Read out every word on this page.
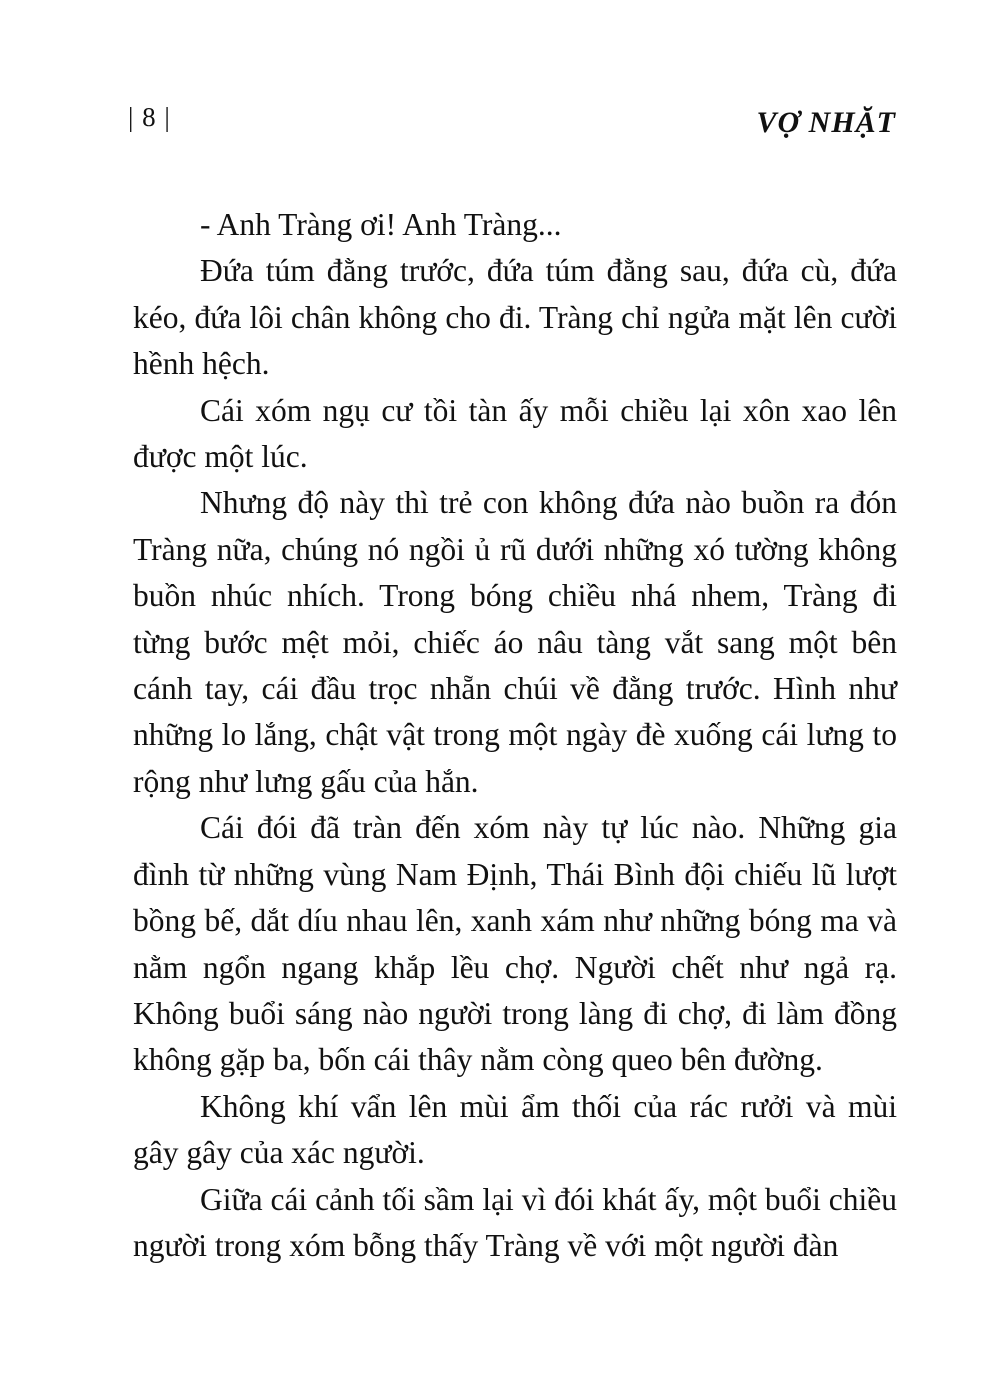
| 8 |	VỢ NHẶT

- Anh Tràng ơi! Anh Tràng...

Đứa túm đằng trước, đứa túm đằng sau, đứa cù, đứa kéo, đứa lôi chân không cho đi. Tràng chỉ ngửa mặt lên cười hềnh hệch.

Cái xóm ngụ cư tồi tàn ấy mỗi chiều lại xôn xao lên được một lúc.

Nhưng độ này thì trẻ con không đứa nào buồn ra đón Tràng nữa, chúng nó ngồi ủ rũ dưới những xó tường không buồn nhúc nhích. Trong bóng chiều nhá nhem, Tràng đi từng bước mệt mỏi, chiếc áo nâu tàng vắt sang một bên cánh tay, cái đầu trọc nhẵn chúi về đằng trước. Hình như những lo lắng, chật vật trong một ngày đè xuống cái lưng to rộng như lưng gấu của hắn.

Cái đói đã tràn đến xóm này tự lúc nào. Những gia đình từ những vùng Nam Định, Thái Bình đội chiếu lũ lượt bồng bế, dắt díu nhau lên, xanh xám như những bóng ma và nằm ngổn ngang khắp lều chợ. Người chết như ngả rạ. Không buổi sáng nào người trong làng đi chợ, đi làm đồng không gặp ba, bốn cái thây nằm còng queo bên đường.

Không khí vẩn lên mùi ẩm thối của rác rưởi và mùi gây gây của xác người.

Giữa cái cảnh tối sầm lại vì đói khát ấy, một buổi chiều người trong xóm bỗng thấy Tràng về với một người đàn
